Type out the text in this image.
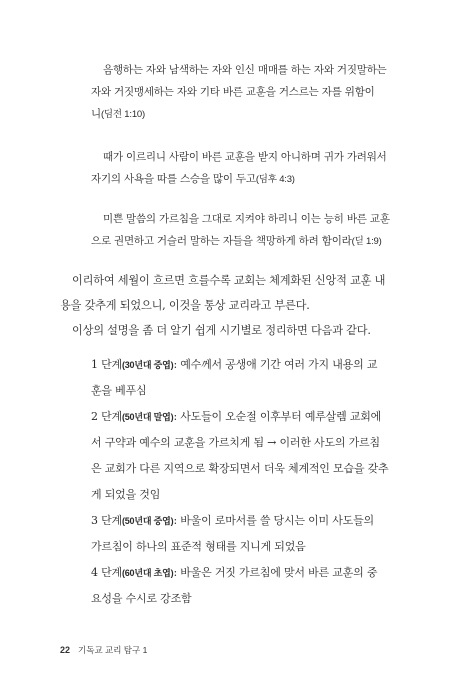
음행하는 자와 남색하는 자와 인신 매매를 하는 자와 거짓말하는
자와 거짓맹세하는 자와 기타 바른 교훈을 거스르는 자를 위함이
니(딤전 1:10)
때가 이르리니 사람이 바른 교훈을 받지 아니하며 귀가 가려워서
자기의 사욕을 따를 스승을 많이 두고(딤후 4:3)
미쁜 말씀의 가르침을 그대로 지켜야 하리니 이는 능히 바른 교훈
으로 권면하고 거슬러 말하는 자들을 책망하게 하려 함이라(딛 1:9)
이리하여 세월이 흐르면 흐를수록 교회는 체계화된 신앙적 교훈 내
용을 갖추게 되었으니, 이것을 통상 교리라고 부른다.
이상의 설명을 좀 더 알기 쉽게 시기별로 정리하면 다음과 같다.
1 단계(30년대 중엽): 예수께서 공생애 기간 여러 가지 내용의 교
훈을 베푸심
2 단계(50년대 말엽): 사도들이 오순절 이후부터 예루살렘 교회에
서 구약과 예수의 교훈을 가르치게 됨 → 이러한 사도의 가르침
은 교회가 다른 지역으로 확장되면서 더욱 체계적인 모습을 갖추
게 되었을 것임
3 단계(50년대 중엽): 바울이 로마서를 쓸 당시는 이미 사도들의
가르침이 하나의 표준적 형태를 지니게 되었음
4 단계(60년대 초엽): 바울은 거짓 가르침에 맞서 바른 교훈의 중
요성을 수시로 강조함
22 기독교 교리 탐구 1
